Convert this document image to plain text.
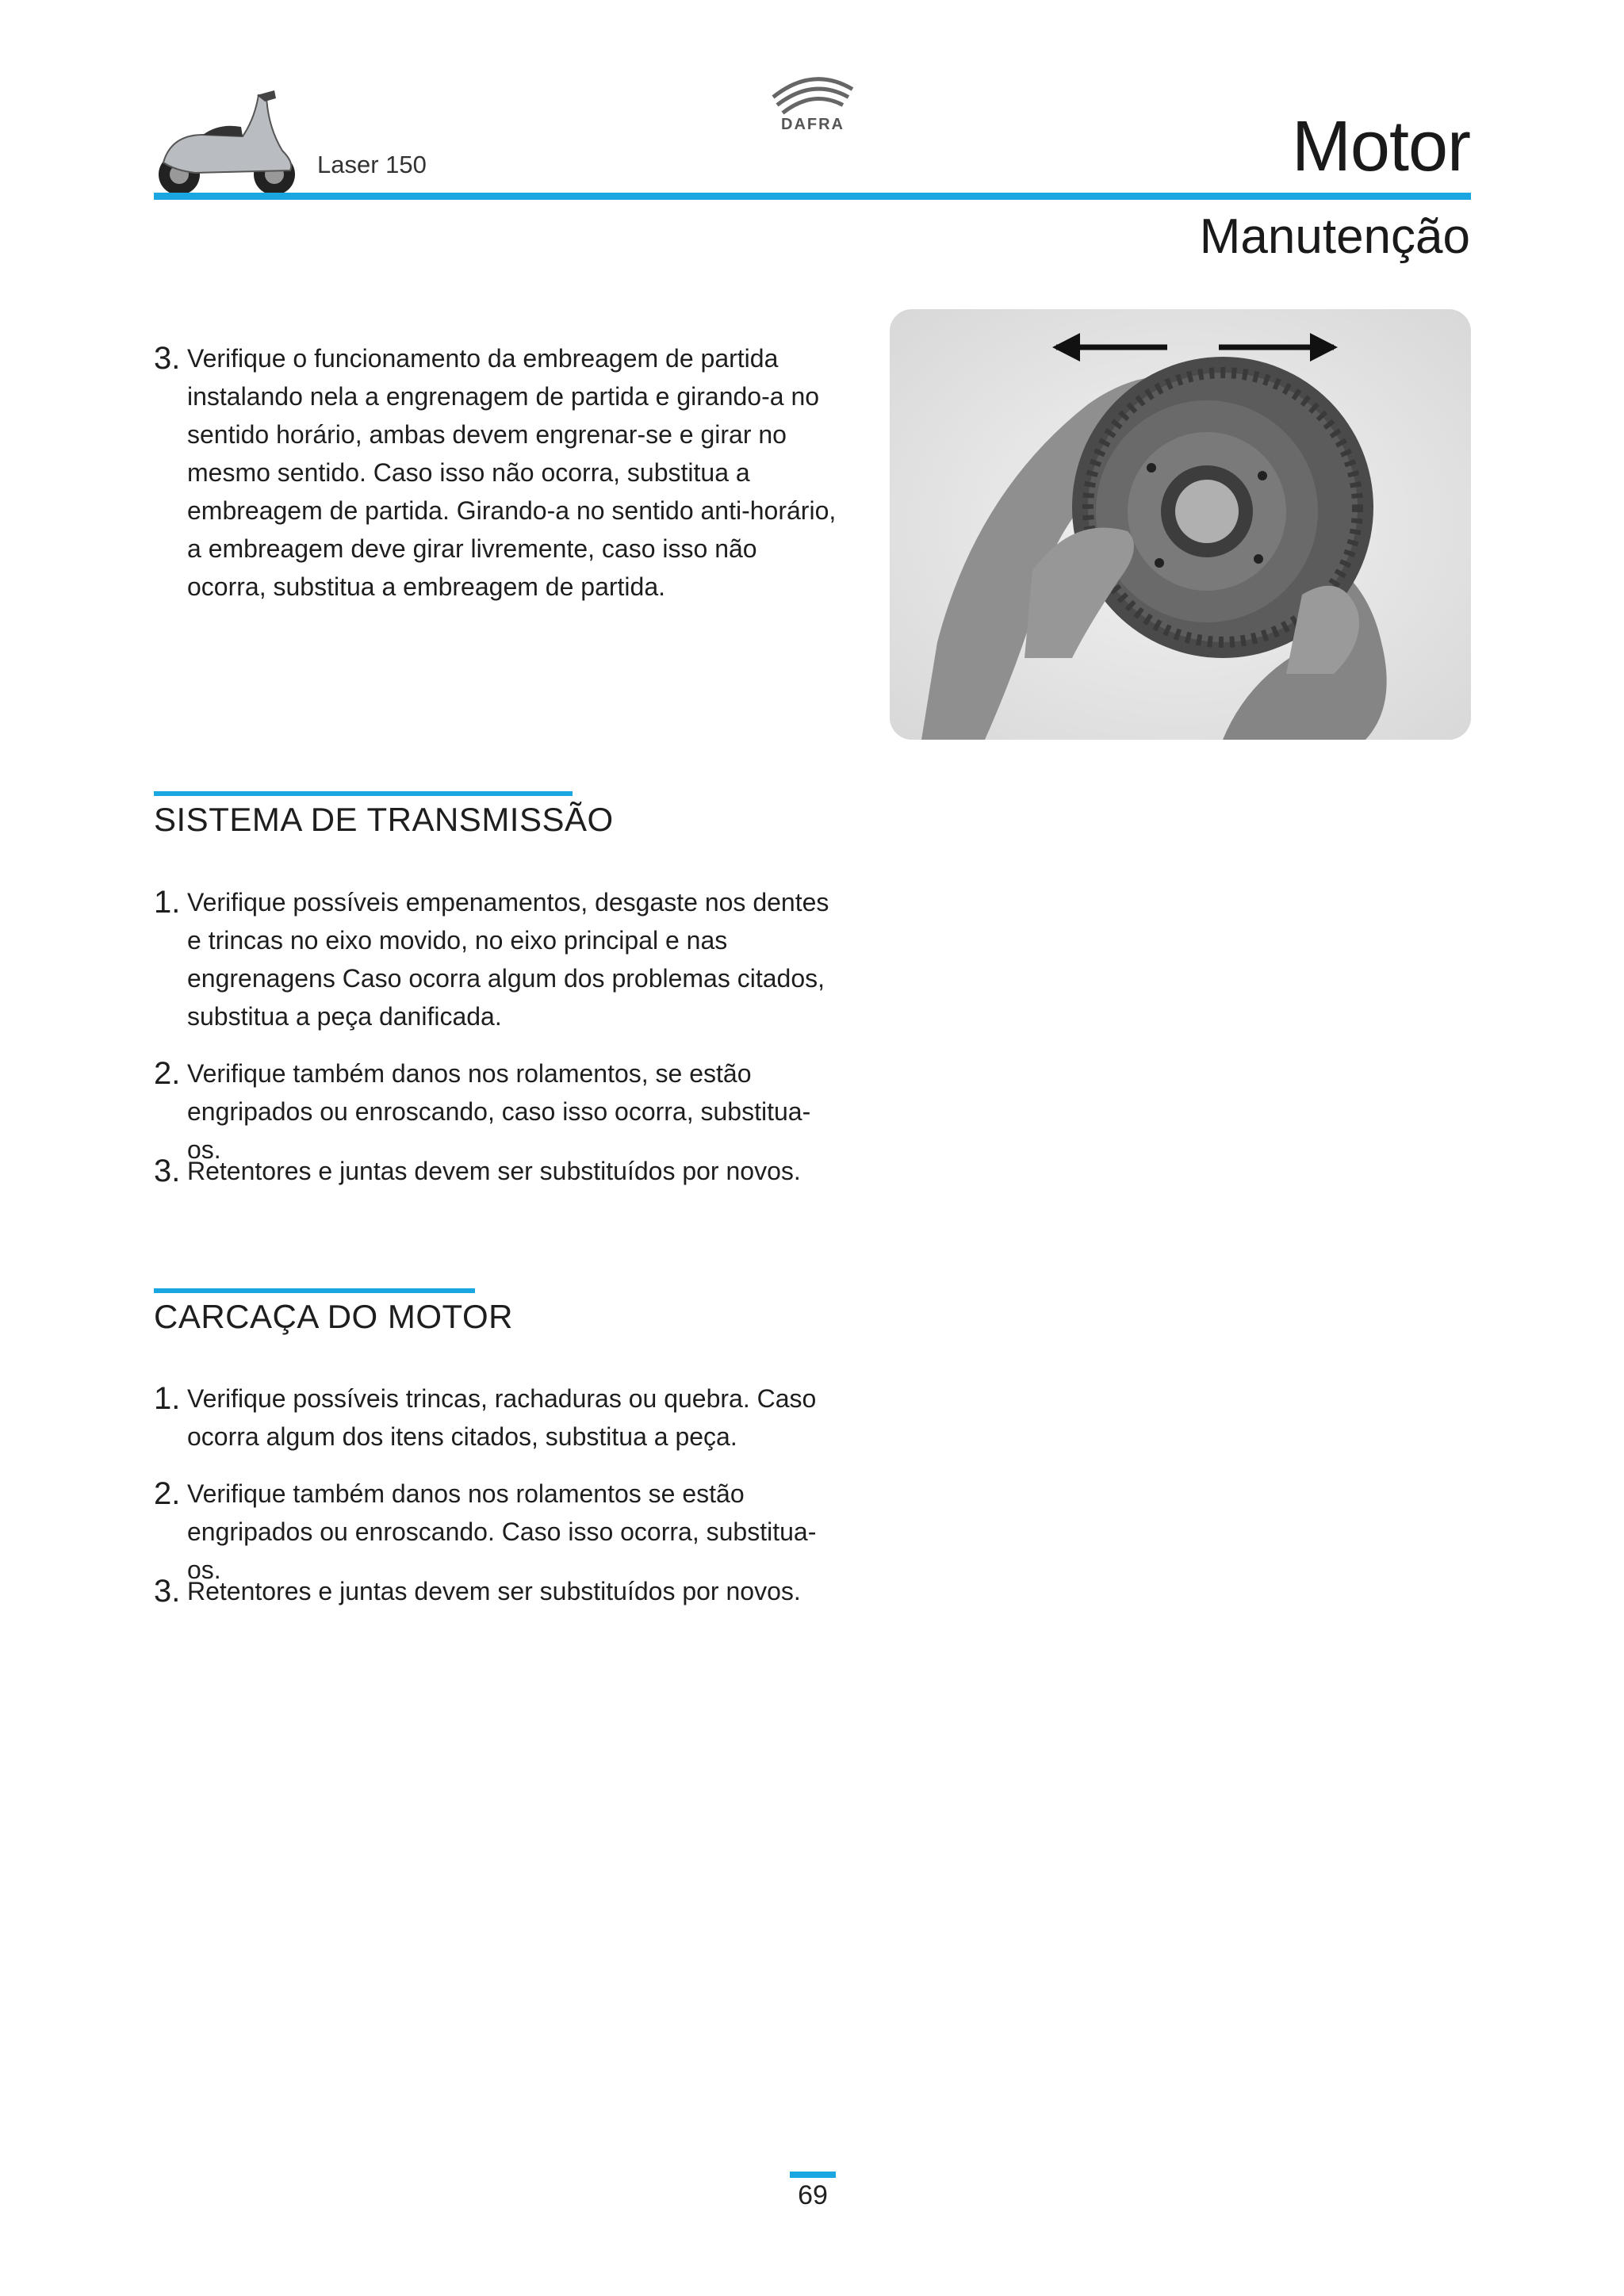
Laser 150
DAFRA	Motor
Manutenção
3. Verifique o funcionamento da embreagem de partida instalando nela a engrenagem de partida e girando-a no sentido horário, ambas devem engrenar-se e girar no mesmo sentido. Caso isso não ocorra, substitua a embreagem de partida. Girando-a no sentido anti-horário, a embreagem deve girar livremente, caso isso não ocorra, substitua a embreagem de partida.
SISTEMA DE TRANSMISSÃO
1. Verifique possíveis empenamentos, desgaste nos dentes e trincas no eixo movido, no eixo principal e nas engrenagens Caso ocorra algum dos problemas citados, substitua a peça danificada.
2. Verifique também danos nos rolamentos, se estão engripados ou enroscando, caso isso ocorra, substitua-os.
3. Retentores e juntas devem ser substituídos por novos.
CARCAÇA DO MOTOR
1. Verifique possíveis trincas, rachaduras ou quebra. Caso ocorra algum dos itens citados, substitua a peça.
2. Verifique também danos nos rolamentos se estão engripados ou enroscando. Caso isso ocorra, substitua-os.
3. Retentores e juntas devem ser substituídos por novos.
69
